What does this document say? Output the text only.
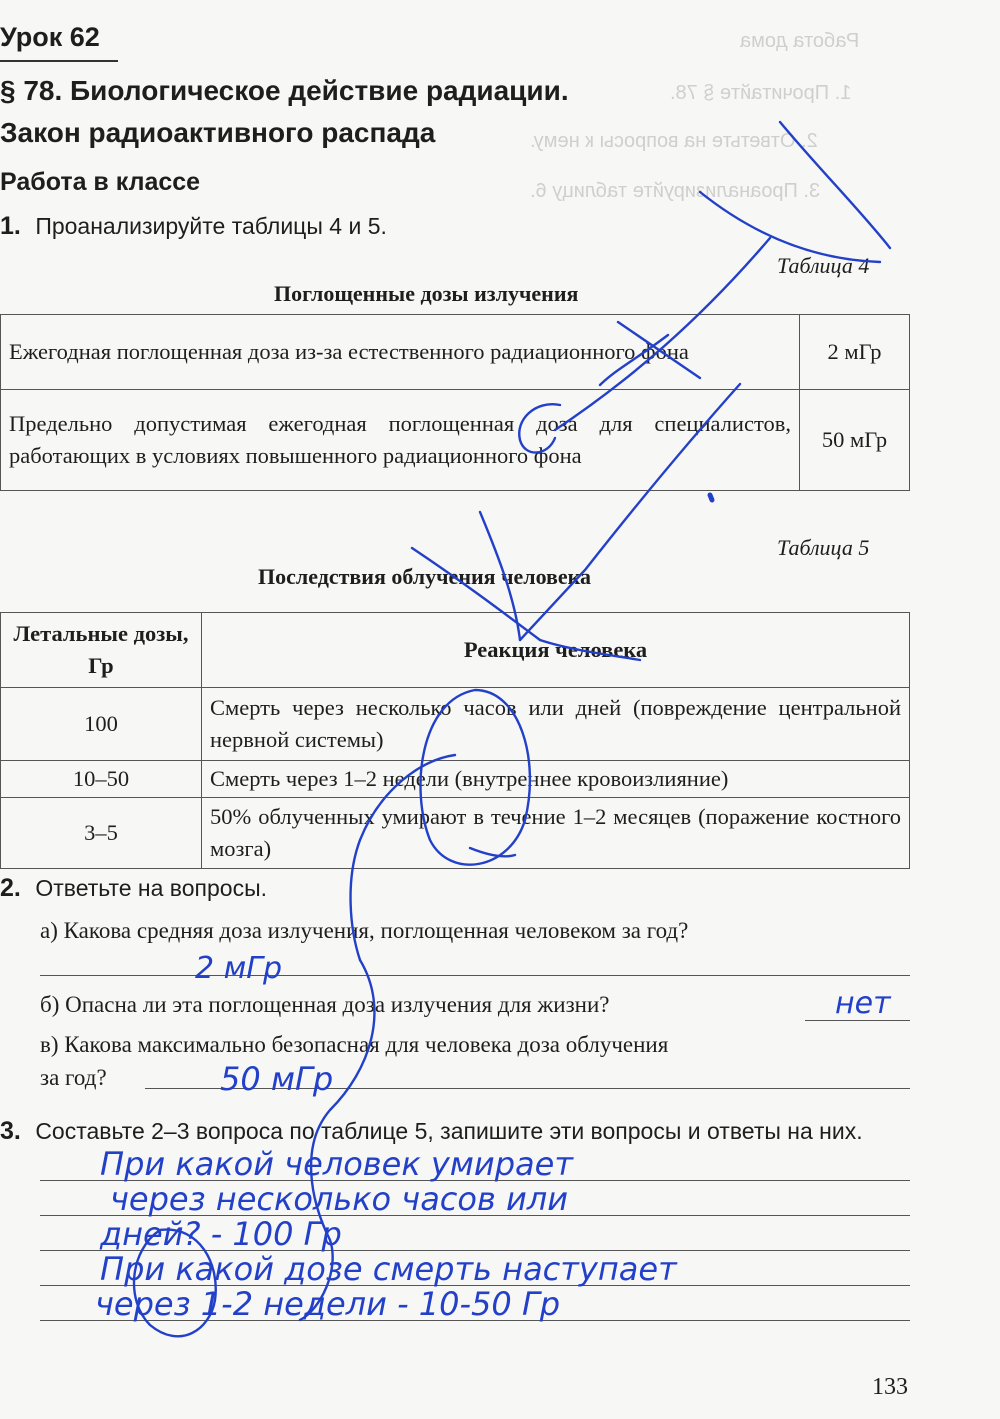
Работа дома
1. Прочитайте § 78.
2. Ответьте на вопросы к нему.
3. Проанализируйте таблицу 6.
Урок 62
§ 78. Биологическое действие радиации.
Закон радиоактивного распада
Работа в классе
1. Проанализируйте таблицы 4 и 5.
Таблица 4
Поглощенные дозы излучения
Ежегодная поглощенная доза из-за естественного радиационного фона	2 мГр
Предельно допустимая ежегодная поглощенная доза для специалистов, работающих в условиях повышенного радиационного фона	50 мГр
Таблица 5
Последствия облучения человека
Летальные дозы, Гр	Реакция человека
100	Смерть через несколько часов или дней (повреждение центральной нервной системы)
10–50	Смерть через 1–2 недели (внутреннее кровоизлияние)
3–5	50% облученных умирают в течение 1–2 месяцев (поражение костного мозга)
2. Ответьте на вопросы.
а) Какова средняя доза излучения, поглощенная человеком за год?
б) Опасна ли эта поглощенная доза излучения для жизни?
в) Какова максимально безопасная для человека доза облучения
за год?
3. Составьте 2–3 вопроса по таблице 5, запишите эти вопросы и ответы на них.
133
2 мГр
нет
50 мГр
При какой человек умирает
через несколько часов или
дней? - 100 Гр
При какой дозе смерть наступает
через 1-2 недели - 10-50 Гр
